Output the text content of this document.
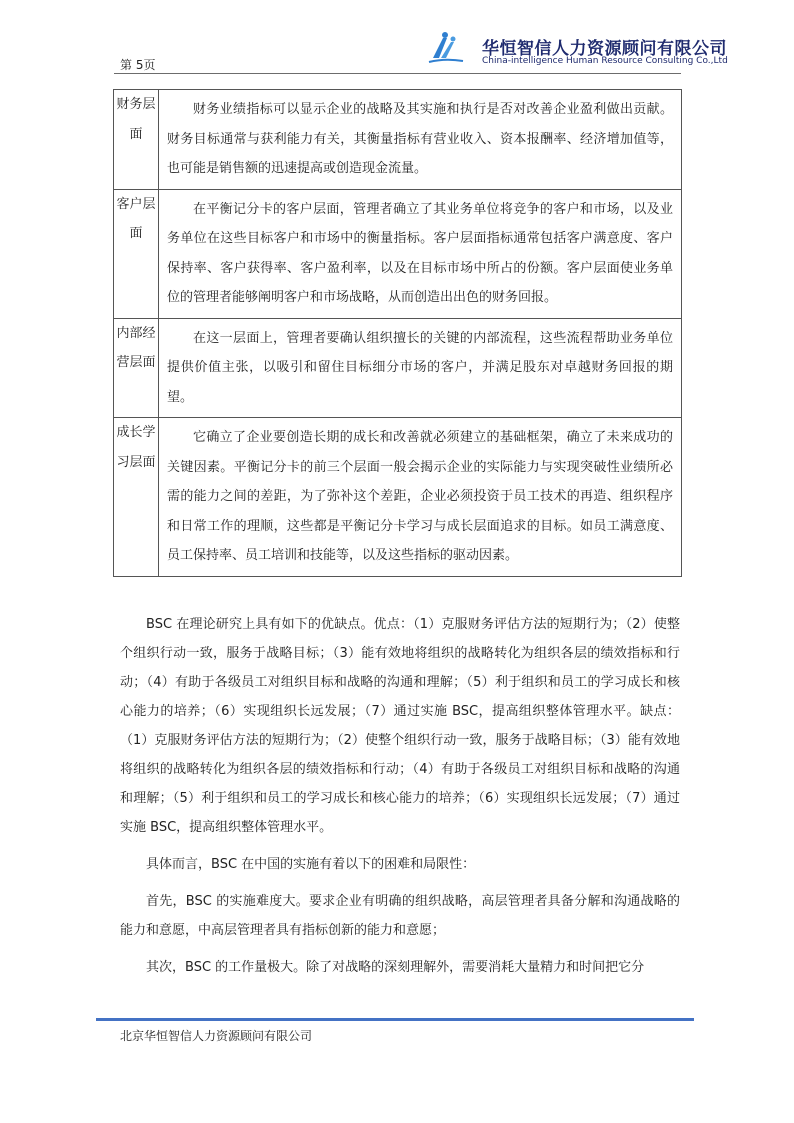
第 5页
华恒智信人力资源顾问有限公司
China-intelligence Human Resource Consulting Co.,Ltd
财务层面	财务业绩指标可以显示企业的战略及其实施和执行是否对改善企业盈利做出贡献。财务目标通常与获利能力有关，其衡量指标有营业收入、资本报酬率、经济增加值等，也可能是销售额的迅速提高或创造现金流量。
客户层面	在平衡记分卡的客户层面，管理者确立了其业务单位将竞争的客户和市场，以及业务单位在这些目标客户和市场中的衡量指标。客户层面指标通常包括客户满意度、客户保持率、客户获得率、客户盈利率，以及在目标市场中所占的份额。客户层面使业务单位的管理者能够阐明客户和市场战略，从而创造出出色的财务回报。
内部经营层面	在这一层面上，管理者要确认组织擅长的关键的内部流程，这些流程帮助业务单位提供价值主张，以吸引和留住目标细分市场的客户，并满足股东对卓越财务回报的期望。
成长学习层面	它确立了企业要创造长期的成长和改善就必须建立的基础框架，确立了未来成功的关键因素。平衡记分卡的前三个层面一般会揭示企业的实际能力与实现突破性业绩所必需的能力之间的差距，为了弥补这个差距，企业必须投资于员工技术的再造、组织程序和日常工作的理顺，这些都是平衡记分卡学习与成长层面追求的目标。如员工满意度、员工保持率、员工培训和技能等，以及这些指标的驱动因素。

BSC 在理论研究上具有如下的优缺点。优点：（1）克服财务评估方法的短期行为；（2）使整个组织行动一致，服务于战略目标；（3）能有效地将组织的战略转化为组织各层的绩效指标和行动；（4）有助于各级员工对组织目标和战略的沟通和理解；（5）利于组织和员工的学习成长和核心能力的培养；（6）实现组织长远发展；（7）通过实施 BSC，提高组织整体管理水平。缺点：（1）克服财务评估方法的短期行为；（2）使整个组织行动一致，服务于战略目标；（3）能有效地将组织的战略转化为组织各层的绩效指标和行动；（4）有助于各级员工对组织目标和战略的沟通和理解；（5）利于组织和员工的学习成长和核心能力的培养；（6）实现组织长远发展；（7）通过实施 BSC，提高组织整体管理水平。

具体而言，BSC 在中国的实施有着以下的困难和局限性：

首先，BSC 的实施难度大。要求企业有明确的组织战略，高层管理者具备分解和沟通战略的能力和意愿，中高层管理者具有指标创新的能力和意愿；

其次，BSC 的工作量极大。除了对战略的深刻理解外，需要消耗大量精力和时间把它分

北京华恒智信人力资源顾问有限公司
